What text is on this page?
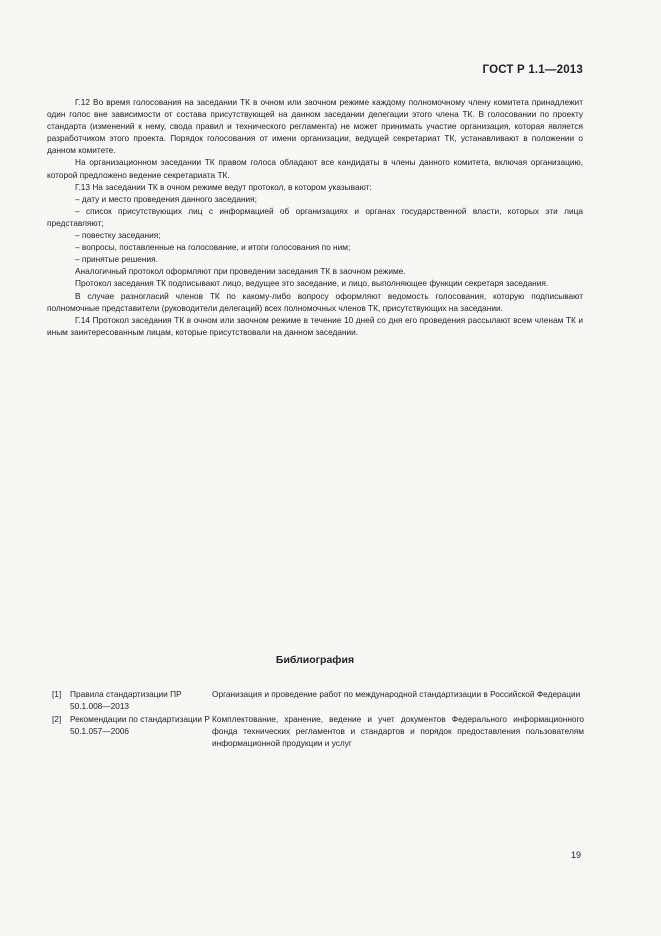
ГОСТ Р 1.1—2013

Г.12 Во время голосования на заседании ТК в очном или заочном режиме каждому полномочному члену комитета принадлежит один голос вне зависимости от состава присутствующей на данном заседании делегации этого члена ТК. В голосовании по проекту стандарта (изменений к нему, свода правил и технического регламента) не может принимать участие организация, которая является разработчиком этого проекта. Порядок голосования от имени организации, ведущей секретариат ТК, устанавливают в положении о данном комитете.

На организационном заседании ТК правом голоса обладают все кандидаты в члены данного комитета, включая организацию, которой предложено ведение секретариата ТК.

Г.13 На заседании ТК в очном режиме ведут протокол, в котором указывают:

– дату и место проведения данного заседания;

– список присутствующих лиц с информацией об организациях и органах государственной власти, которых эти лица представляют;

– повестку заседания;

– вопросы, поставленные на голосование, и итоги голосования по ним;

– принятые решения.

Аналогичный протокол оформляют при проведении заседания ТК в заочном режиме.

Протокол заседания ТК подписывают лицо, ведущее это заседание, и лицо, выполняющее функции секретаря заседания.

В случае разногласий членов ТК по какому-либо вопросу оформляют ведомость голосования, которую подписывают полномочные представители (руководители делегаций) всех полномочных членов ТК, присутствующих на заседании.

Г.14 Протокол заседания ТК в очном или заочном режиме в течение 10 дней со дня его проведения рассылают всем членам ТК и иным заинтересованным лицам, которые присутствовали на данном заседании.

Библиография
[1]	Правила стандартизации ПР 50.1.008—2013
Организация и проведение работ по международной стандартизации в Российской Федерации
[2]	Рекомендации по стандартизации Р 50.1.057—2006
Комплектование, хранение, ведение и учет документов Федерального информационного фонда технических регламентов и стандартов и порядок предоставления пользователям информационной продукции и услуг
19
